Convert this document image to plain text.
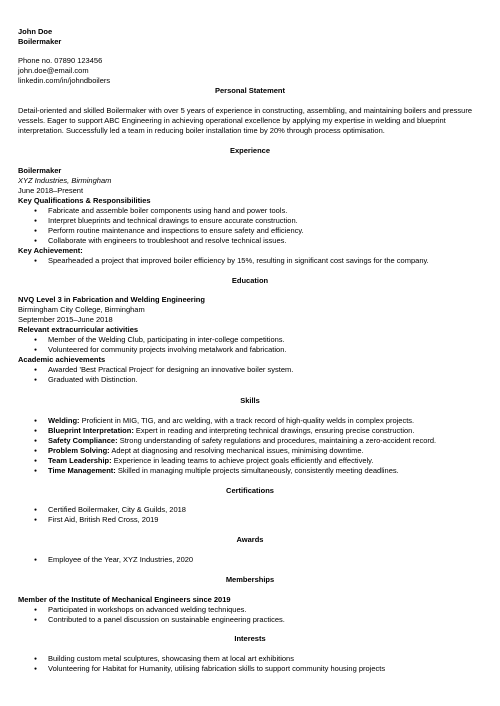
John Doe
Boilermaker
Phone no. 07890 123456
john.doe@email.com
linkedin.com/in/johndboilers
Personal Statement

Detail-oriented and skilled Boilermaker with over 5 years of experience in constructing, assembling, and maintaining boilers and pressure vessels. Eager to support ABC Engineering in achieving operational excellence by applying my expertise in welding and blueprint interpretation. Successfully led a team in reducing boiler installation time by 20% through process optimisation.

Experience
Boilermaker
XYZ Industries, Birmingham
June 2018–Present
Key Qualifications & Responsibilities
● Fabricate and assemble boiler components using hand and power tools.
● Interpret blueprints and technical drawings to ensure accurate construction.
● Perform routine maintenance and inspections to ensure safety and efficiency.
● Collaborate with engineers to troubleshoot and resolve technical issues.
Key Achievement:
● Spearheaded a project that improved boiler efficiency by 15%, resulting in significant cost savings for the company.
Education
NVQ Level 3 in Fabrication and Welding Engineering
Birmingham City College, Birmingham
September 2015–June 2018
Relevant extracurricular activities
● Member of the Welding Club, participating in inter-college competitions.
● Volunteered for community projects involving metalwork and fabrication.
Academic achievements
● Awarded 'Best Practical Project' for designing an innovative boiler system.
● Graduated with Distinction.
Skills
● Welding: Proficient in MIG, TIG, and arc welding, with a track record of high-quality welds in complex projects.
● Blueprint Interpretation: Expert in reading and interpreting technical drawings, ensuring precise construction.
● Safety Compliance: Strong understanding of safety regulations and procedures, maintaining a zero-accident record.
● Problem Solving: Adept at diagnosing and resolving mechanical issues, minimising downtime.
● Team Leadership: Experience in leading teams to achieve project goals efficiently and effectively.
● Time Management: Skilled in managing multiple projects simultaneously, consistently meeting deadlines.
Certifications
● Certified Boilermaker, City & Guilds, 2018
● First Aid, British Red Cross, 2019
Awards
● Employee of the Year, XYZ Industries, 2020
Memberships
Member of the Institute of Mechanical Engineers since 2019
● Participated in workshops on advanced welding techniques.
● Contributed to a panel discussion on sustainable engineering practices.
Interests
● Building custom metal sculptures, showcasing them at local art exhibitions
● Volunteering for Habitat for Humanity, utilising fabrication skills to support community housing projects
